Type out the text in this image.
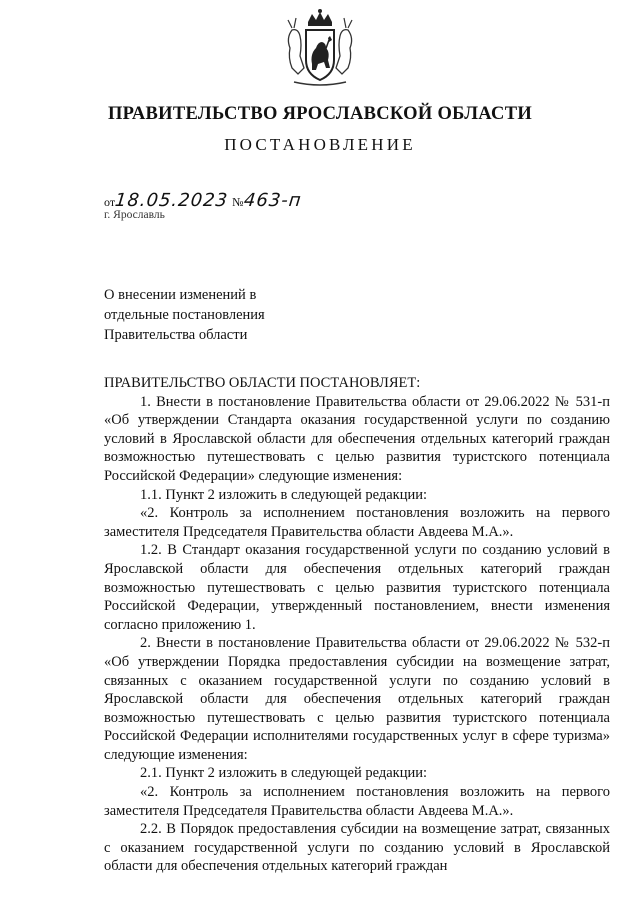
ПРАВИТЕЛЬСТВО ЯРОСЛАВСКОЙ ОБЛАСТИ
ПОСТАНОВЛЕНИЕ
от18.05.2023 №463-п
г. Ярославль
О внесении изменений в
отдельные постановления
Правительства области

ПРАВИТЕЛЬСТВО ОБЛАСТИ ПОСТАНОВЛЯЕТ:

1. Внести в постановление Правительства области от 29.06.2022 № 531-п «Об утверждении Стандарта оказания государственной услуги по созданию условий в Ярославской области для обеспечения отдельных категорий граждан возможностью путешествовать с целью развития туристского потенциала Российской Федерации» следующие изменения:

1.1. Пункт 2 изложить в следующей редакции:

«2. Контроль за исполнением постановления возложить на первого заместителя Председателя Правительства области Авдеева М.А.».

1.2. В Стандарт оказания государственной услуги по созданию условий в Ярославской области для обеспечения отдельных категорий граждан возможностью путешествовать с целью развития туристского потенциала Российской Федерации, утвержденный постановлением, внести изменения согласно приложению 1.

2. Внести в постановление Правительства области от 29.06.2022 № 532-п «Об утверждении Порядка предоставления субсидии на возмещение затрат, связанных с оказанием государственной услуги по созданию условий в Ярославской области для обеспечения отдельных категорий граждан возможностью путешествовать с целью развития туристского потенциала Российской Федерации исполнителями государственных услуг в сфере туризма» следующие изменения:

2.1. Пункт 2 изложить в следующей редакции:

«2. Контроль за исполнением постановления возложить на первого заместителя Председателя Правительства области Авдеева М.А.».

2.2. В Порядок предоставления субсидии на возмещение затрат, связанных с оказанием государственной услуги по созданию условий в Ярославской области для обеспечения отдельных категорий граждан
